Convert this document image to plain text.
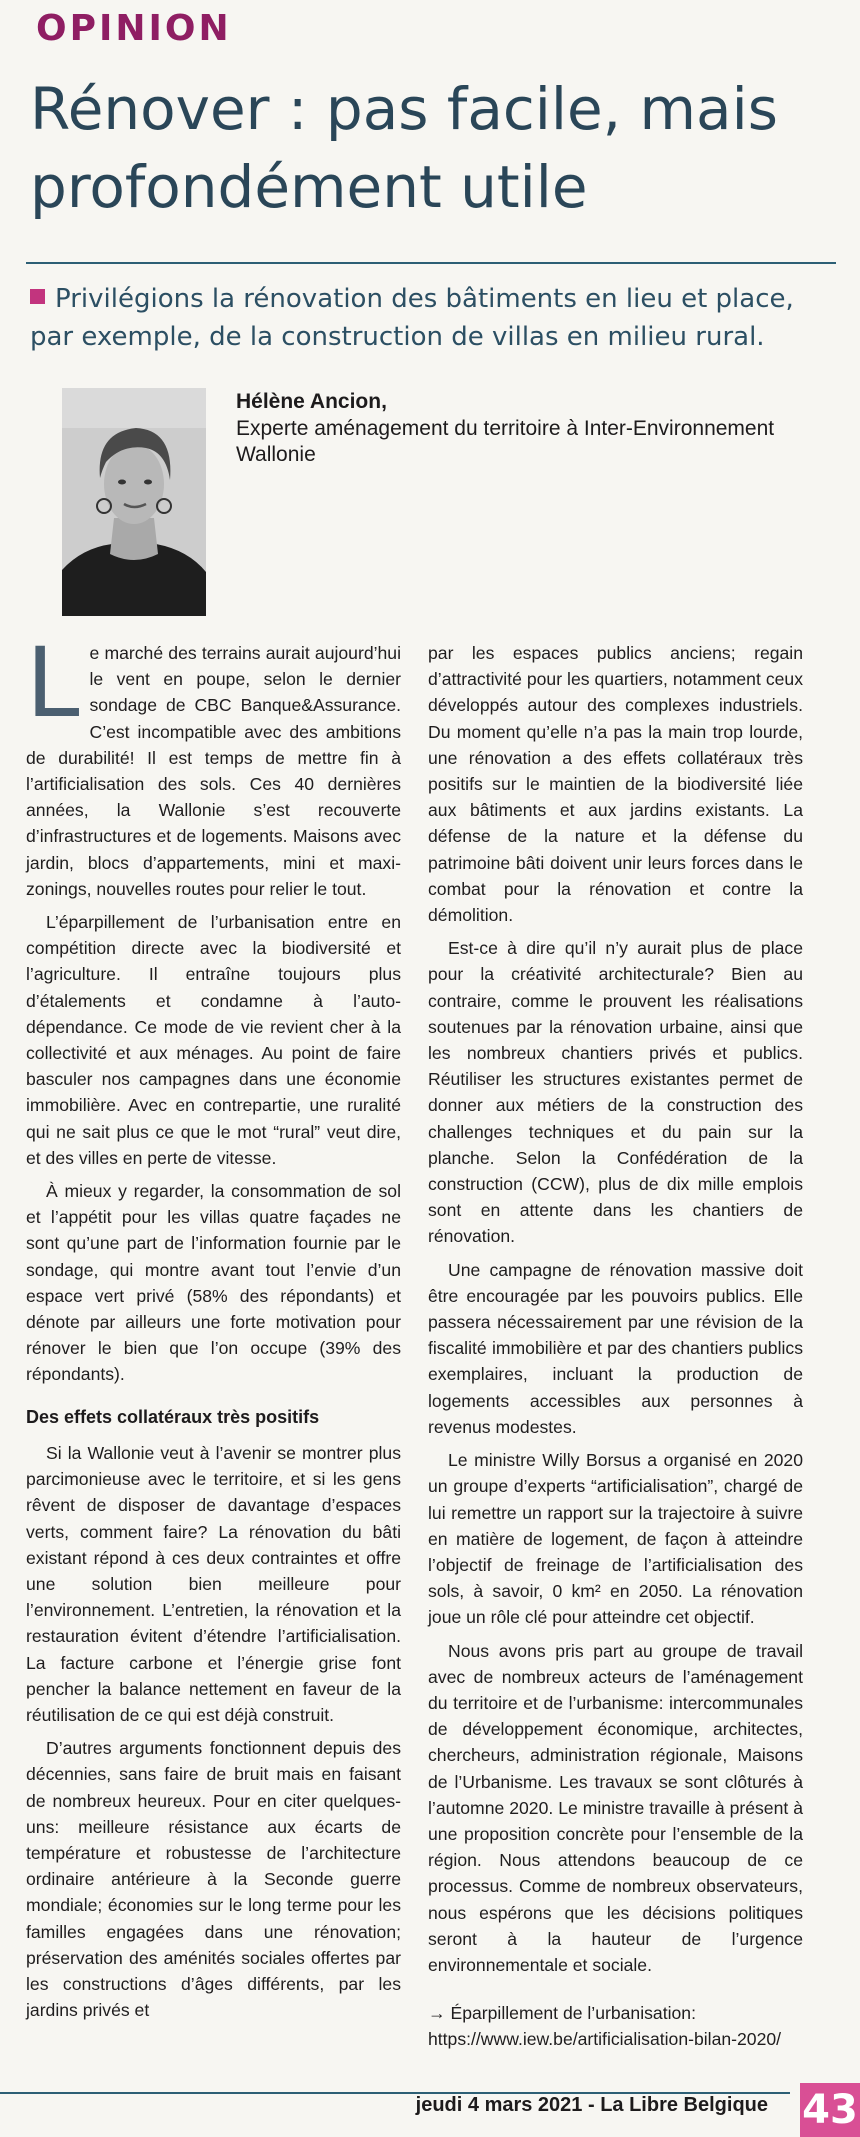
OPINION
Rénover : pas facile, mais profondément utile
Privilégions la rénovation des bâtiments en lieu et place, par exemple, de la construction de villas en milieu rural.
Hélène Ancion,
Experte aménagement du territoire à Inter-Environnement Wallonie

Le marché des terrains aurait aujourd’hui le vent en poupe, selon le dernier sondage de CBC Banque&Assurance. C’est incompatible avec des ambitions de durabilité! Il est temps de mettre fin à l’artificialisation des sols. Ces 40 dernières années, la Wallonie s’est recouverte d’infrastructures et de logements. Maisons avec jardin, blocs d’appartements, mini et maxi-zonings, nouvelles routes pour relier le tout.

L’éparpillement de l’urbanisation entre en compétition directe avec la biodiversité et l’agriculture. Il entraîne toujours plus d’étalements et condamne à l’auto-dépendance. Ce mode de vie revient cher à la collectivité et aux ménages. Au point de faire basculer nos campagnes dans une économie immobilière. Avec en contrepartie, une ruralité qui ne sait plus ce que le mot “rural” veut dire, et des villes en perte de vitesse.

À mieux y regarder, la consommation de sol et l’appétit pour les villas quatre façades ne sont qu’une part de l’information fournie par le sondage, qui montre avant tout l’envie d’un espace vert privé (58% des répondants) et dénote par ailleurs une forte motivation pour rénover le bien que l’on occupe (39% des répondants).

Des effets collatéraux très positifs

Si la Wallonie veut à l’avenir se montrer plus parcimonieuse avec le territoire, et si les gens rêvent de disposer de davantage d’espaces verts, comment faire? La rénovation du bâti existant répond à ces deux contraintes et offre une solution bien meilleure pour l’environnement. L’entretien, la rénovation et la restauration évitent d’étendre l’artificialisation. La facture carbone et l’énergie grise font pencher la balance nettement en faveur de la réutilisation de ce qui est déjà construit.

D’autres arguments fonctionnent depuis des décennies, sans faire de bruit mais en faisant de nombreux heureux. Pour en citer quelques-uns: meilleure résistance aux écarts de température et robustesse de l’architecture ordinaire antérieure à la Seconde guerre mondiale; économies sur le long terme pour les familles engagées dans une rénovation; préservation des aménités sociales offertes par les constructions d’âges différents, par les jardins privés et

par les espaces publics anciens; regain d’attractivité pour les quartiers, notamment ceux développés autour des complexes industriels. Du moment qu’elle n’a pas la main trop lourde, une rénovation a des effets collatéraux très positifs sur le maintien de la biodiversité liée aux bâtiments et aux jardins existants. La défense de la nature et la défense du patrimoine bâti doivent unir leurs forces dans le combat pour la rénovation et contre la démolition.

Est-ce à dire qu’il n’y aurait plus de place pour la créativité architecturale? Bien au contraire, comme le prouvent les réalisations soutenues par la rénovation urbaine, ainsi que les nombreux chantiers privés et publics. Réutiliser les structures existantes permet de donner aux métiers de la construction des challenges techniques et du pain sur la planche. Selon la Confédération de la construction (CCW), plus de dix mille emplois sont en attente dans les chantiers de rénovation.

Une campagne de rénovation massive doit être encouragée par les pouvoirs publics. Elle passera nécessairement par une révision de la fiscalité immobilière et par des chantiers publics exemplaires, incluant la production de logements accessibles aux personnes à revenus modestes.

Le ministre Willy Borsus a organisé en 2020 un groupe d’experts “artificialisation”, chargé de lui remettre un rapport sur la trajectoire à suivre en matière de logement, de façon à atteindre l’objectif de freinage de l’artificialisation des sols, à savoir, 0 km² en 2050. La rénovation joue un rôle clé pour atteindre cet objectif.

Nous avons pris part au groupe de travail avec de nombreux acteurs de l’aménagement du territoire et de l’urbanisme: intercommunales de développement économique, architectes, chercheurs, administration régionale, Maisons de l’Urbanisme. Les travaux se sont clôturés à l’automne 2020. Le ministre travaille à présent à une proposition concrète pour l’ensemble de la région. Nous attendons beaucoup de ce processus. Comme de nombreux observateurs, nous espérons que les décisions politiques seront à la hauteur de l’urgence environnementale et sociale.

→ Éparpillement de l’urbanisation: https://www.iew.be/artificialisation-bilan-2020/
jeudi 4 mars 2021 - La Libre Belgique 43
